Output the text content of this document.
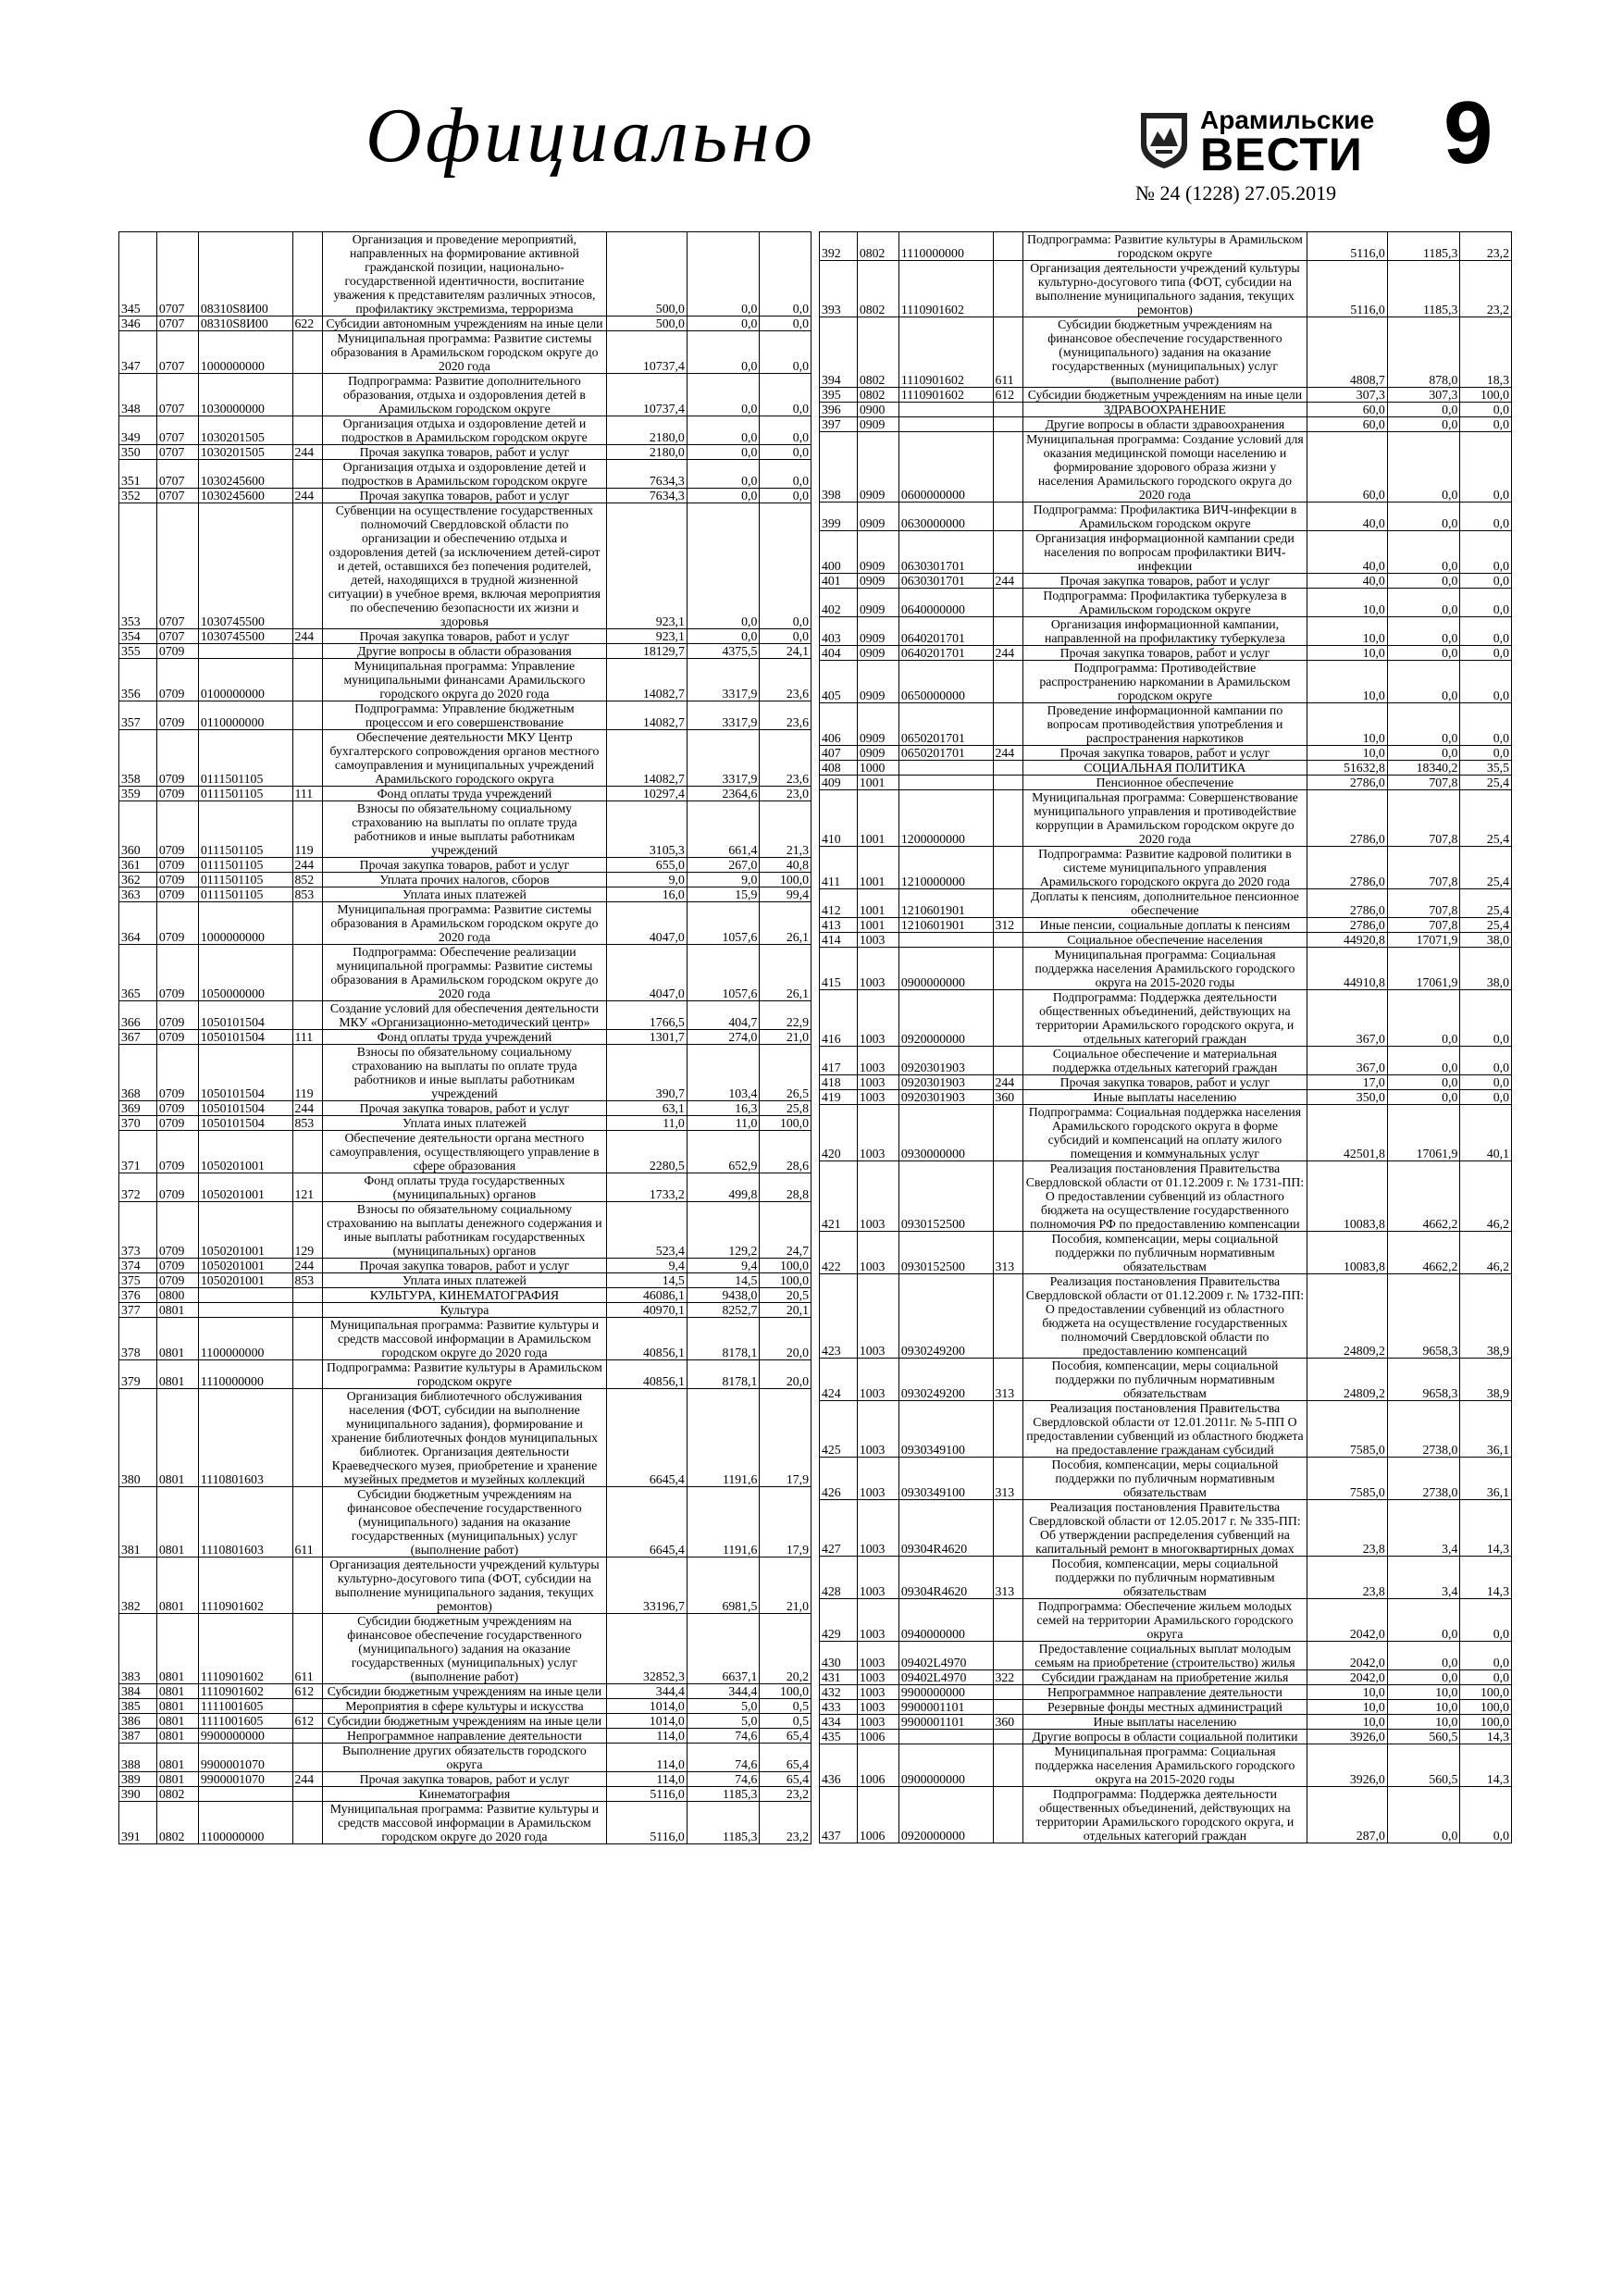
Официально	Арамильские
ВЕСТИ
№ 24 (1228) 27.05.2019
9
345	0707	08310S8И00		Организация и проведение мероприятий, направленных на формирование активной гражданской позиции, национально-государственной идентичности, воспитание уважения к представителям различных этносов, профилактику экстремизма, терроризма	500,0	0,0	0,0
346	0707	08310S8И00	622	Субсидии автономным учреждениям на иные цели	500,0	0,0	0,0
347	0707	1000000000		Муниципальная программа: Развитие системы образования в Арамильском городском округе до 2020 года	10737,4	0,0	0,0
348	0707	1030000000		Подпрограмма: Развитие дополнительного образования, отдыха и оздоровления детей в Арамильском городском округе	10737,4	0,0	0,0
349	0707	1030201505		Организация отдыха и оздоровление детей и подростков в Арамильском городском округе	2180,0	0,0	0,0
350	0707	1030201505	244	Прочая закупка товаров, работ и услуг	2180,0	0,0	0,0
351	0707	1030245600		Организация отдыха и оздоровление детей и подростков в Арамильском городском округе	7634,3	0,0	0,0
352	0707	1030245600	244	Прочая закупка товаров, работ и услуг	7634,3	0,0	0,0
353	0707	1030745500		Субвенции на осуществление государственных полномочий Свердловской области по организации и обеспечению отдыха и оздоровления детей (за исключением детей-сирот и детей, оставшихся без попечения родителей, детей, находящихся в трудной жизненной ситуации) в учебное время, включая мероприятия по обеспечению безопасности их жизни и здоровья	923,1	0,0	0,0
354	0707	1030745500	244	Прочая закупка товаров, работ и услуг	923,1	0,0	0,0
355	0709			Другие вопросы в области образования	18129,7	4375,5	24,1
356	0709	0100000000		Муниципальная программа: Управление муниципальными финансами Арамильского городского округа до 2020 года	14082,7	3317,9	23,6
357	0709	0110000000		Подпрограмма: Управление бюджетным процессом и его совершенствование	14082,7	3317,9	23,6
358	0709	0111501105		Обеспечение деятельности МКУ Центр бухгалтерского сопровождения органов местного самоуправления и муниципальных учреждений Арамильского городского округа	14082,7	3317,9	23,6
359	0709	0111501105	111	Фонд оплаты труда учреждений	10297,4	2364,6	23,0
360	0709	0111501105	119	Взносы по обязательному социальному страхованию на выплаты по оплате труда работников и иные выплаты работникам учреждений	3105,3	661,4	21,3
361	0709	0111501105	244	Прочая закупка товаров, работ и услуг	655,0	267,0	40,8
362	0709	0111501105	852	Уплата прочих налогов, сборов	9,0	9,0	100,0
363	0709	0111501105	853	Уплата иных платежей	16,0	15,9	99,4
364	0709	1000000000		Муниципальная программа: Развитие системы образования в Арамильском городском округе до 2020 года	4047,0	1057,6	26,1
365	0709	1050000000		Подпрограмма: Обеспечение реализации муниципальной программы: Развитие системы образования в Арамильском городском округе до 2020 года	4047,0	1057,6	26,1
366	0709	1050101504		Создание условий для обеспечения деятельности МКУ «Организационно-методический центр»	1766,5	404,7	22,9
367	0709	1050101504	111	Фонд оплаты труда учреждений	1301,7	274,0	21,0
368	0709	1050101504	119	Взносы по обязательному социальному страхованию на выплаты по оплате труда работников и иные выплаты работникам учреждений	390,7	103,4	26,5
369	0709	1050101504	244	Прочая закупка товаров, работ и услуг	63,1	16,3	25,8
370	0709	1050101504	853	Уплата иных платежей	11,0	11,0	100,0
371	0709	1050201001		Обеспечение деятельности органа местного самоуправления, осуществляющего управление в сфере образования	2280,5	652,9	28,6
372	0709	1050201001	121	Фонд оплаты труда государственных (муниципальных) органов	1733,2	499,8	28,8
373	0709	1050201001	129	Взносы по обязательному социальному страхованию на выплаты денежного содержания и иные выплаты работникам государственных (муниципальных) органов	523,4	129,2	24,7
374	0709	1050201001	244	Прочая закупка товаров, работ и услуг	9,4	9,4	100,0
375	0709	1050201001	853	Уплата иных платежей	14,5	14,5	100,0
376	0800			КУЛЬТУРА, КИНЕМАТОГРАФИЯ	46086,1	9438,0	20,5
377	0801			Культура	40970,1	8252,7	20,1
378	0801	1100000000		Муниципальная программа: Развитие культуры и средств массовой информации в Арамильском городском округе до 2020 года	40856,1	8178,1	20,0
379	0801	1110000000		Подпрограмма: Развитие культуры в Арамильском городском округе	40856,1	8178,1	20,0
380	0801	1110801603		Организация библиотечного обслуживания населения (ФОТ, субсидии на выполнение муниципального задания), формирование и хранение библиотечных фондов муниципальных библиотек. Организация деятельности Краеведческого музея, приобретение и хранение музейных предметов и музейных коллекций	6645,4	1191,6	17,9
381	0801	1110801603	611	Субсидии бюджетным учреждениям на финансовое обеспечение государственного (муниципального) задания на оказание государственных (муниципальных) услуг (выполнение работ)	6645,4	1191,6	17,9
382	0801	1110901602		Организация деятельности учреждений культуры культурно-досугового типа (ФОТ, субсидии на выполнение муниципального задания, текущих ремонтов)	33196,7	6981,5	21,0
383	0801	1110901602	611	Субсидии бюджетным учреждениям на финансовое обеспечение государственного (муниципального) задания на оказание государственных (муниципальных) услуг (выполнение работ)	32852,3	6637,1	20,2
384	0801	1110901602	612	Субсидии бюджетным учреждениям на иные цели	344,4	344,4	100,0
385	0801	1111001605		Мероприятия в сфере культуры и искусства	1014,0	5,0	0,5
386	0801	1111001605	612	Субсидии бюджетным учреждениям на иные цели	1014,0	5,0	0,5
387	0801	9900000000		Непрограммное направление деятельности	114,0	74,6	65,4
388	0801	9900001070		Выполнение других обязательств городского округа	114,0	74,6	65,4
389	0801	9900001070	244	Прочая закупка товаров, работ и услуг	114,0	74,6	65,4
390	0802			Кинематография	5116,0	1185,3	23,2
391	0802	1100000000		Муниципальная программа: Развитие культуры и средств массовой информации в Арамильском городском округе до 2020 года	5116,0	1185,3	23,2
392	0802	1110000000		Подпрограмма: Развитие культуры в Арамильском городском округе	5116,0	1185,3	23,2
393	0802	1110901602		Организация деятельности учреждений культуры культурно-досугового типа (ФОТ, субсидии на выполнение муниципального задания, текущих ремонтов)	5116,0	1185,3	23,2
394	0802	1110901602	611	Субсидии бюджетным учреждениям на финансовое обеспечение государственного (муниципального) задания на оказание государственных (муниципальных) услуг (выполнение работ)	4808,7	878,0	18,3
395	0802	1110901602	612	Субсидии бюджетным учреждениям на иные цели	307,3	307,3	100,0
396	0900			ЗДРАВООХРАНЕНИЕ	60,0	0,0	0,0
397	0909			Другие вопросы в области здравоохранения	60,0	0,0	0,0
398	0909	0600000000		Муниципальная программа: Создание условий для оказания медицинской помощи населению и формирование здорового образа жизни у населения Арамильского городского округа до 2020 года	60,0	0,0	0,0
399	0909	0630000000		Подпрограмма: Профилактика ВИЧ-инфекции в Арамильском городском округе	40,0	0,0	0,0
400	0909	0630301701		Организация информационной кампании среди населения по вопросам профилактики ВИЧ-инфекции	40,0	0,0	0,0
401	0909	0630301701	244	Прочая закупка товаров, работ и услуг	40,0	0,0	0,0
402	0909	0640000000		Подпрограмма: Профилактика туберкулеза в Арамильском городском округе	10,0	0,0	0,0
403	0909	0640201701		Организация информационной кампании, направленной на профилактику туберкулеза	10,0	0,0	0,0
404	0909	0640201701	244	Прочая закупка товаров, работ и услуг	10,0	0,0	0,0
405	0909	0650000000		Подпрограмма: Противодействие распространению наркомании в Арамильском городском округе	10,0	0,0	0,0
406	0909	0650201701		Проведение информационной кампании по вопросам противодействия употребления и распространения наркотиков	10,0	0,0	0,0
407	0909	0650201701	244	Прочая закупка товаров, работ и услуг	10,0	0,0	0,0
408	1000			СОЦИАЛЬНАЯ ПОЛИТИКА	51632,8	18340,2	35,5
409	1001			Пенсионное обеспечение	2786,0	707,8	25,4
410	1001	1200000000		Муниципальная программа: Совершенствование муниципального управления и противодействие коррупции в Арамильском городском округе до 2020 года	2786,0	707,8	25,4
411	1001	1210000000		Подпрограмма: Развитие кадровой политики в системе муниципального управления Арамильского городского округа до 2020 года	2786,0	707,8	25,4
412	1001	1210601901		Доплаты к пенсиям, дополнительное пенсионное обеспечение	2786,0	707,8	25,4
413	1001	1210601901	312	Иные пенсии, социальные доплаты к пенсиям	2786,0	707,8	25,4
414	1003			Социальное обеспечение населения	44920,8	17071,9	38,0
415	1003	0900000000		Муниципальная программа: Социальная поддержка населения Арамильского городского округа на 2015-2020 годы	44910,8	17061,9	38,0
416	1003	0920000000		Подпрограмма: Поддержка деятельности общественных объединений, действующих на территории Арамильского городского округа, и отдельных категорий граждан	367,0	0,0	0,0
417	1003	0920301903		Социальное обеспечение и материальная поддержка отдельных категорий граждан	367,0	0,0	0,0
418	1003	0920301903	244	Прочая закупка товаров, работ и услуг	17,0	0,0	0,0
419	1003	0920301903	360	Иные выплаты населению	350,0	0,0	0,0
420	1003	0930000000		Подпрограмма: Социальная поддержка населения Арамильского городского округа в форме субсидий и компенсаций на оплату жилого помещения и коммунальных услуг	42501,8	17061,9	40,1
421	1003	0930152500		Реализация постановления Правительства Свердловской области от 01.12.2009 г. № 1731-ПП: О предоставлении субвенций из областного бюджета на осуществление государственного полномочия РФ по предоставлению компенсации	10083,8	4662,2	46,2
422	1003	0930152500	313	Пособия, компенсации, меры социальной поддержки по публичным нормативным обязательствам	10083,8	4662,2	46,2
423	1003	0930249200		Реализация постановления Правительства Свердловской области от 01.12.2009 г. № 1732-ПП: О предоставлении субвенций из областного бюджета на осуществление государственных полномочий Свердловской области по предоставлению компенсаций	24809,2	9658,3	38,9
424	1003	0930249200	313	Пособия, компенсации, меры социальной поддержки по публичным нормативным обязательствам	24809,2	9658,3	38,9
425	1003	0930349100		Реализация постановления Правительства Свердловской области от 12.01.2011г. № 5-ПП О предоставлении субвенций из областного бюджета на предоставление гражданам субсидий	7585,0	2738,0	36,1
426	1003	0930349100	313	Пособия, компенсации, меры социальной поддержки по публичным нормативным обязательствам	7585,0	2738,0	36,1
427	1003	09304R4620		Реализация постановления Правительства Свердловской области от 12.05.2017 г. № 335-ПП: Об утверждении распределения субвенций на капитальный ремонт в многоквартирных домах	23,8	3,4	14,3
428	1003	09304R4620	313	Пособия, компенсации, меры социальной поддержки по публичным нормативным обязательствам	23,8	3,4	14,3
429	1003	0940000000		Подпрограмма: Обеспечение жильем молодых семей на территории Арамильского городского округа	2042,0	0,0	0,0
430	1003	09402L4970		Предоставление социальных выплат молодым семьям на приобретение (строительство) жилья	2042,0	0,0	0,0
431	1003	09402L4970	322	Субсидии гражданам на приобретение жилья	2042,0	0,0	0,0
432	1003	9900000000		Непрограммное направление деятельности	10,0	10,0	100,0
433	1003	9900001101		Резервные фонды местных администраций	10,0	10,0	100,0
434	1003	9900001101	360	Иные выплаты населению	10,0	10,0	100,0
435	1006			Другие вопросы в области социальной политики	3926,0	560,5	14,3
436	1006	0900000000		Муниципальная программа: Социальная поддержка населения Арамильского городского округа на 2015-2020 годы	3926,0	560,5	14,3
437	1006	0920000000		Подпрограмма: Поддержка деятельности общественных объединений, действующих на территории Арамильского городского округа, и отдельных категорий граждан	287,0	0,0	0,0
